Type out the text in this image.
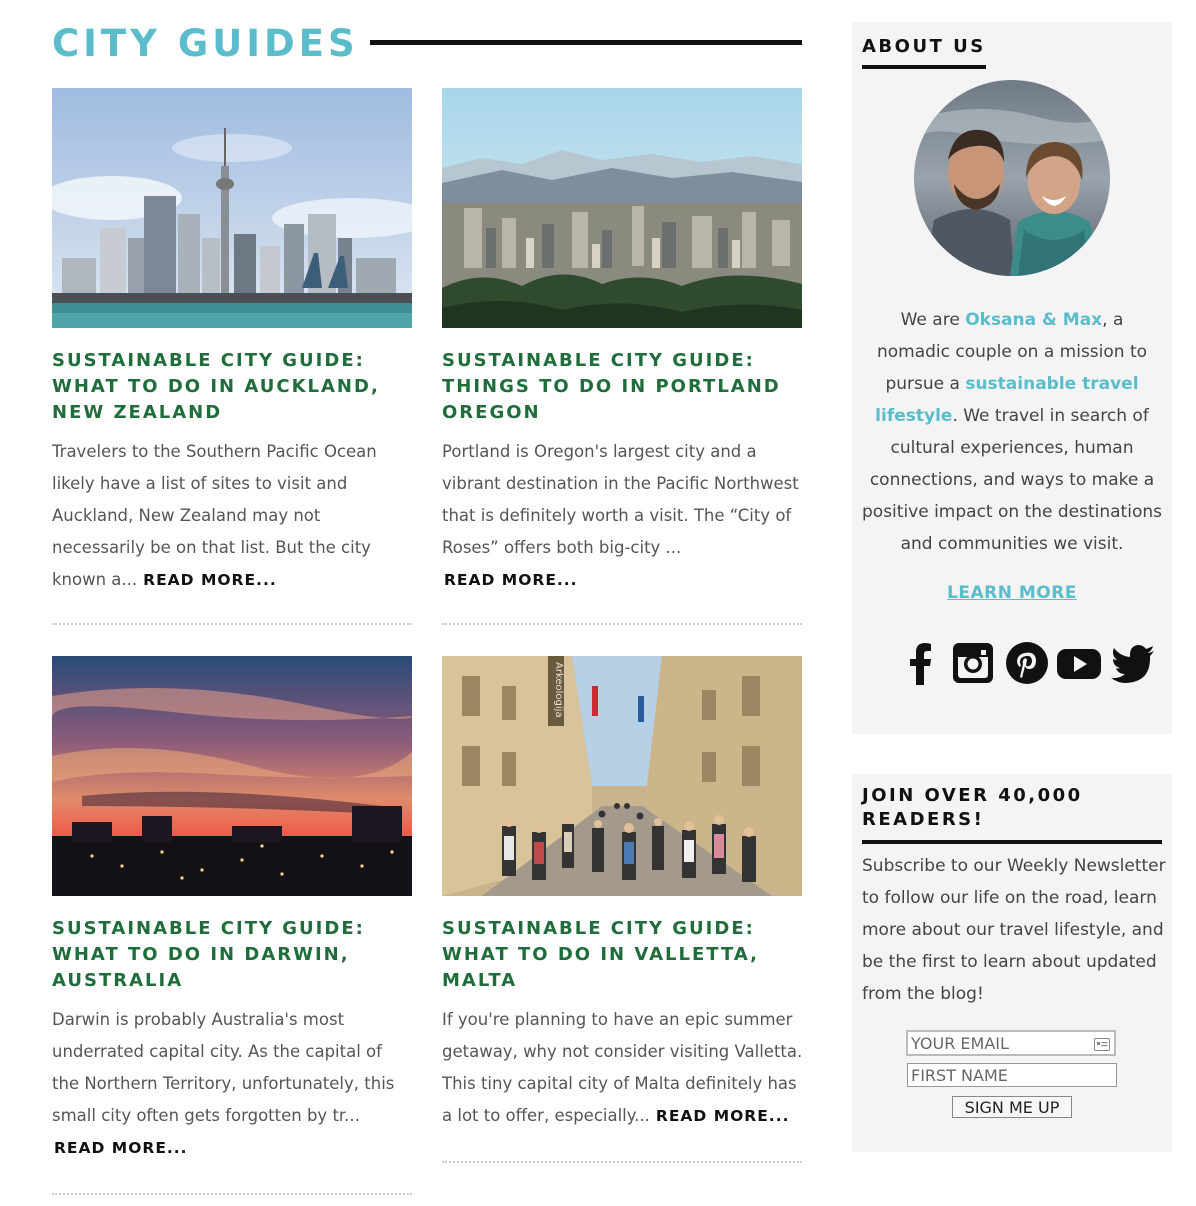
CITY GUIDES
SUSTAINABLE CITY GUIDE: WHAT TO DO IN AUCKLAND, NEW ZEALAND

Travelers to the Southern Pacific Ocean likely have a list of sites to visit and Auckland, New Zealand may not necessarily be on that list. But the city known a... READ MORE...

SUSTAINABLE CITY GUIDE: THINGS TO DO IN PORTLAND OREGON

Portland is Oregon's largest city and a vibrant destination in the Pacific Northwest that is definitely worth a visit. The “City of Roses” offers both big-city ...
READ MORE...

SUSTAINABLE CITY GUIDE: WHAT TO DO IN DARWIN, AUSTRALIA

Darwin is probably Australia's most underrated capital city. As the capital of the Northern Territory, unfortunately, this small city often gets forgotten by tr...
READ MORE...

Arkeologija
SUSTAINABLE CITY GUIDE: WHAT TO DO IN VALLETTA, MALTA

If you're planning to have an epic summer getaway, why not consider visiting Valletta. This tiny capital city of Malta definitely has a lot to offer, especially... READ MORE...

ABOUT US

We are Oksana & Max, a nomadic couple on a mission to pursue a sustainable travel lifestyle. We travel in search of cultural experiences, human connections, and ways to make a positive impact on the destinations and communities we visit.

LEARN MORE
JOIN OVER 40,000 READERS!

Subscribe to our Weekly Newsletter to follow our life on the road, learn more about our travel lifestyle, and be the first to learn about updated from the blog!

YOUR EMAIL
FIRST NAME
SIGN ME UP
